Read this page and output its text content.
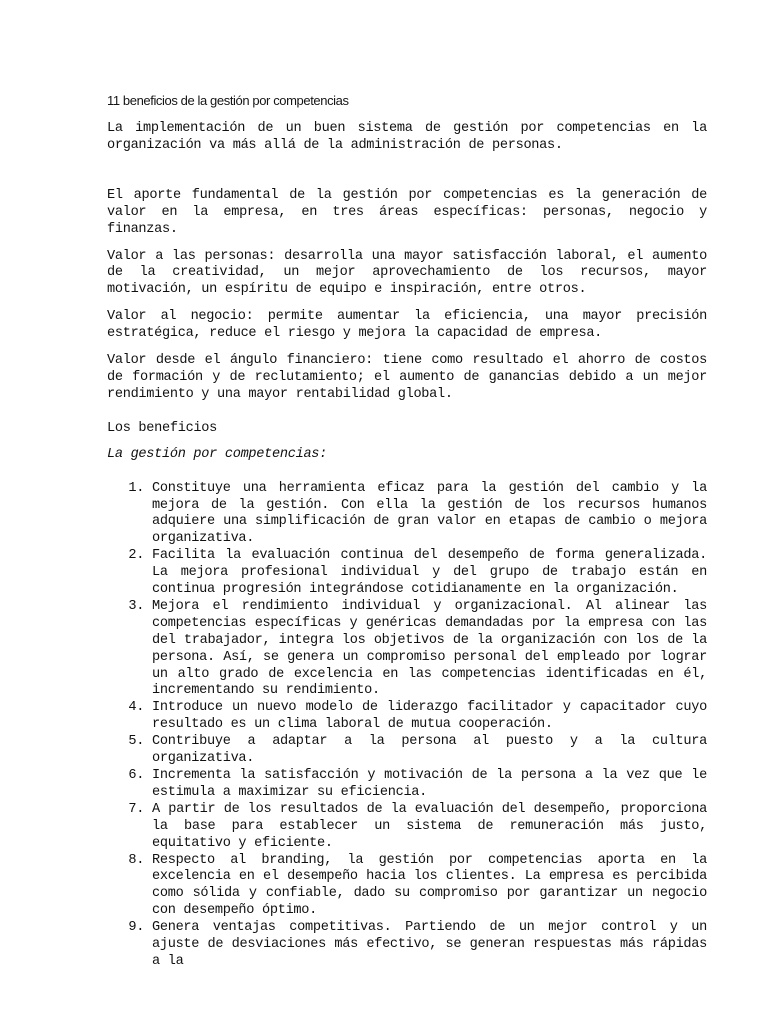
11 beneficios de la gestión por competencias

La implementación de un buen sistema de gestión por competencias en la organización va más allá de la administración de personas.

El aporte fundamental de la gestión por competencias es la generación de valor en la empresa, en tres áreas específicas: personas, negocio y finanzas.

Valor a las personas: desarrolla una mayor satisfacción laboral, el aumento de la creatividad, un mejor aprovechamiento de los recursos, mayor motivación, un espíritu de equipo e inspiración, entre otros.

Valor al negocio: permite aumentar la eficiencia, una mayor precisión estratégica, reduce el riesgo y mejora la capacidad de empresa.

Valor desde el ángulo financiero: tiene como resultado el ahorro de costos de formación y de reclutamiento; el aumento de ganancias debido a un mejor rendimiento y una mayor rentabilidad global.

Los beneficios

La gestión por competencias:

1. Constituye una herramienta eficaz para la gestión del cambio y la mejora de la gestión. Con ella la gestión de los recursos humanos adquiere una simplificación de gran valor en etapas de cambio o mejora organizativa.
2. Facilita la evaluación continua del desempeño de forma generalizada. La mejora profesional individual y del grupo de trabajo están en continua progresión integrándose cotidianamente en la organización.
3. Mejora el rendimiento individual y organizacional. Al alinear las competencias específicas y genéricas demandadas por la empresa con las del trabajador, integra los objetivos de la organización con los de la persona. Así, se genera un compromiso personal del empleado por lograr un alto grado de excelencia en las competencias identificadas en él, incrementando su rendimiento.
4. Introduce un nuevo modelo de liderazgo facilitador y capacitador cuyo resultado es un clima laboral de mutua cooperación.
5. Contribuye a adaptar a la persona al puesto y a la cultura organizativa.
6. Incrementa la satisfacción y motivación de la persona a la vez que le estimula a maximizar su eficiencia.
7. A partir de los resultados de la evaluación del desempeño, proporciona la base para establecer un sistema de remuneración más justo, equitativo y eficiente.
8. Respecto al branding, la gestión por competencias aporta en la excelencia en el desempeño hacia los clientes. La empresa es percibida como sólida y confiable, dado su compromiso por garantizar un negocio con desempeño óptimo.
9. Genera ventajas competitivas. Partiendo de un mejor control y un ajuste de desviaciones más efectivo, se generan respuestas más rápidas a la
